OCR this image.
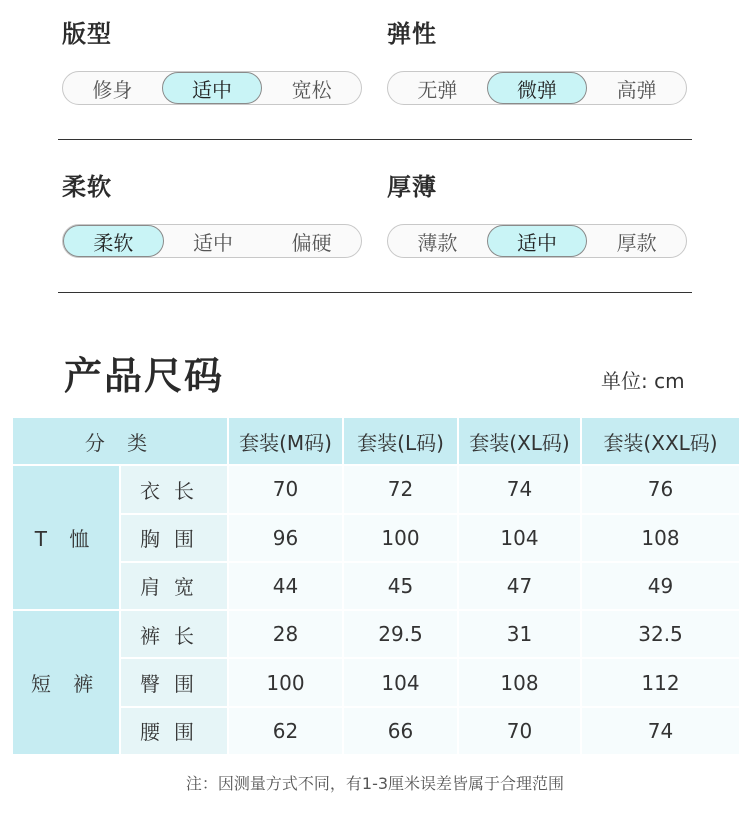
版型
修身	适中	宽松
弹性
无弹	微弹	高弹
柔软
柔软	适中	偏硬
厚薄
薄款	适中	厚款
产品尺码	单位: cm
分 类		套装(M码)	套装(L码)	套装(XL码)	套装(XXL码)
T 恤	衣长	70	72	74	76
	胸围	96	100	104	108
	肩宽	44	45	47	49
短 裤	裤长	28	29.5	31	32.5
	臀围	100	104	108	112
	腰围	62	66	70	74
注：因测量方式不同，有1-3厘米误差皆属于合理范围
